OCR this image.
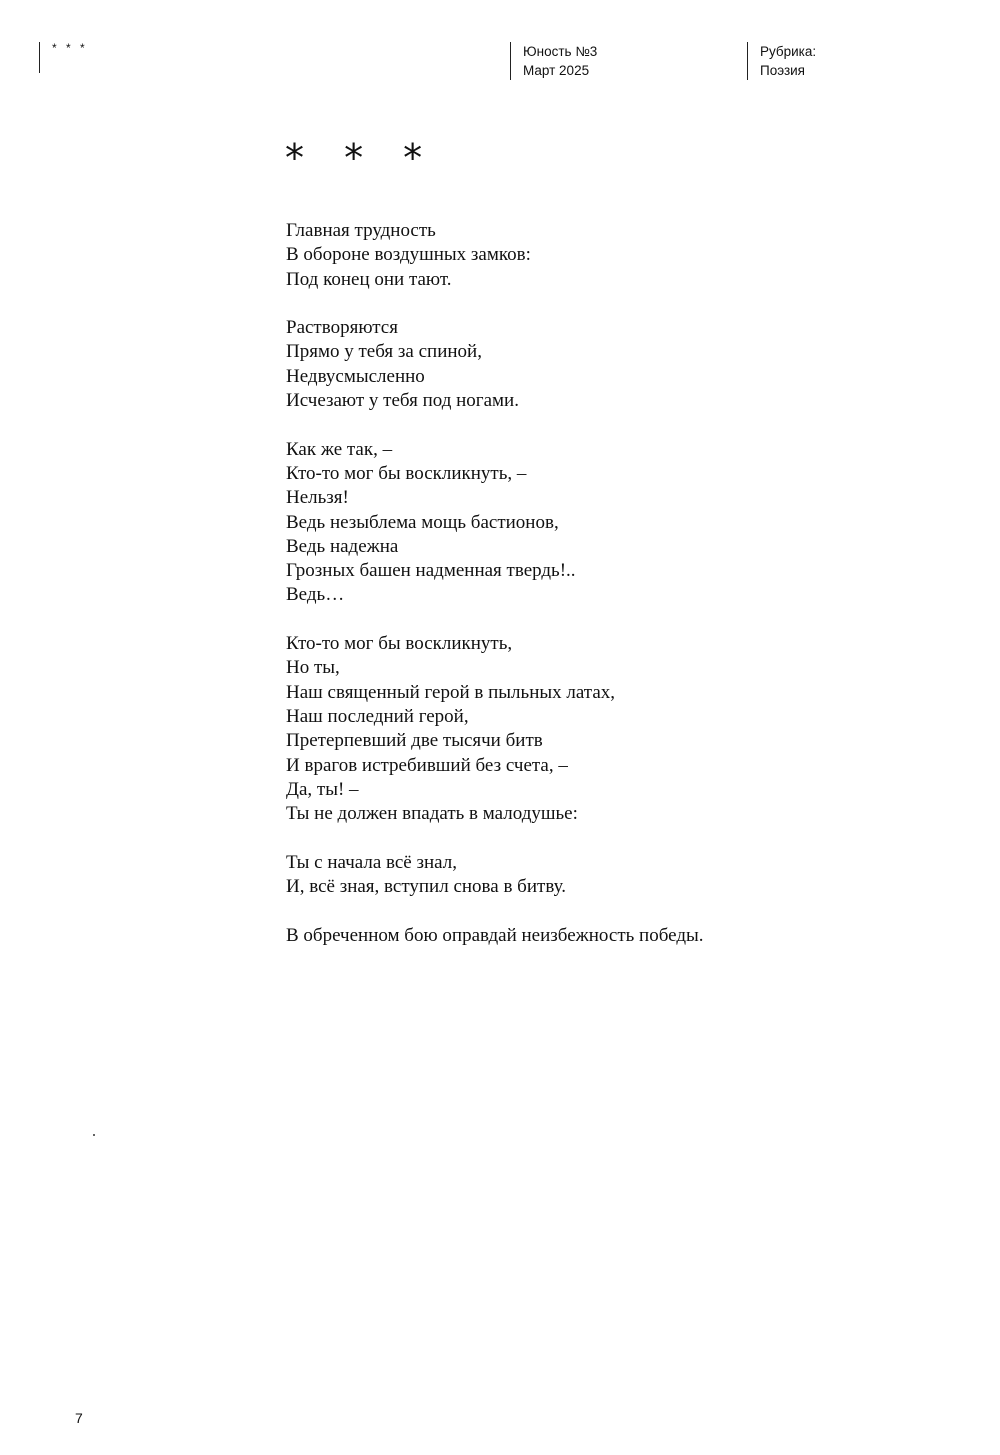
* * *	Юность №3
Март 2025
Рубрика:
Поэзия
* * *
Главная трудность
В обороне воздушных замков:
Под конец они тают.
Растворяются
Прямо у тебя за спиной,
Недвусмысленно
Исчезают у тебя под ногами.
Как же так, –
Кто-то мог бы воскликнуть, –
Нельзя!
Ведь незыблема мощь бастионов,
Ведь надежна
Грозных башен надменная твердь!..
Ведь…
Кто-то мог бы воскликнуть,
Но ты,
Наш священный герой в пыльных латах,
Наш последний герой,
Претерпевший две тысячи битв
И врагов истребивший без счета, –
Да, ты! –
Ты не должен впадать в малодушье:
Ты с начала всё знал,
И, всё зная, вступил снова в битву.
В обреченном бою оправдай неизбежность победы.
7
